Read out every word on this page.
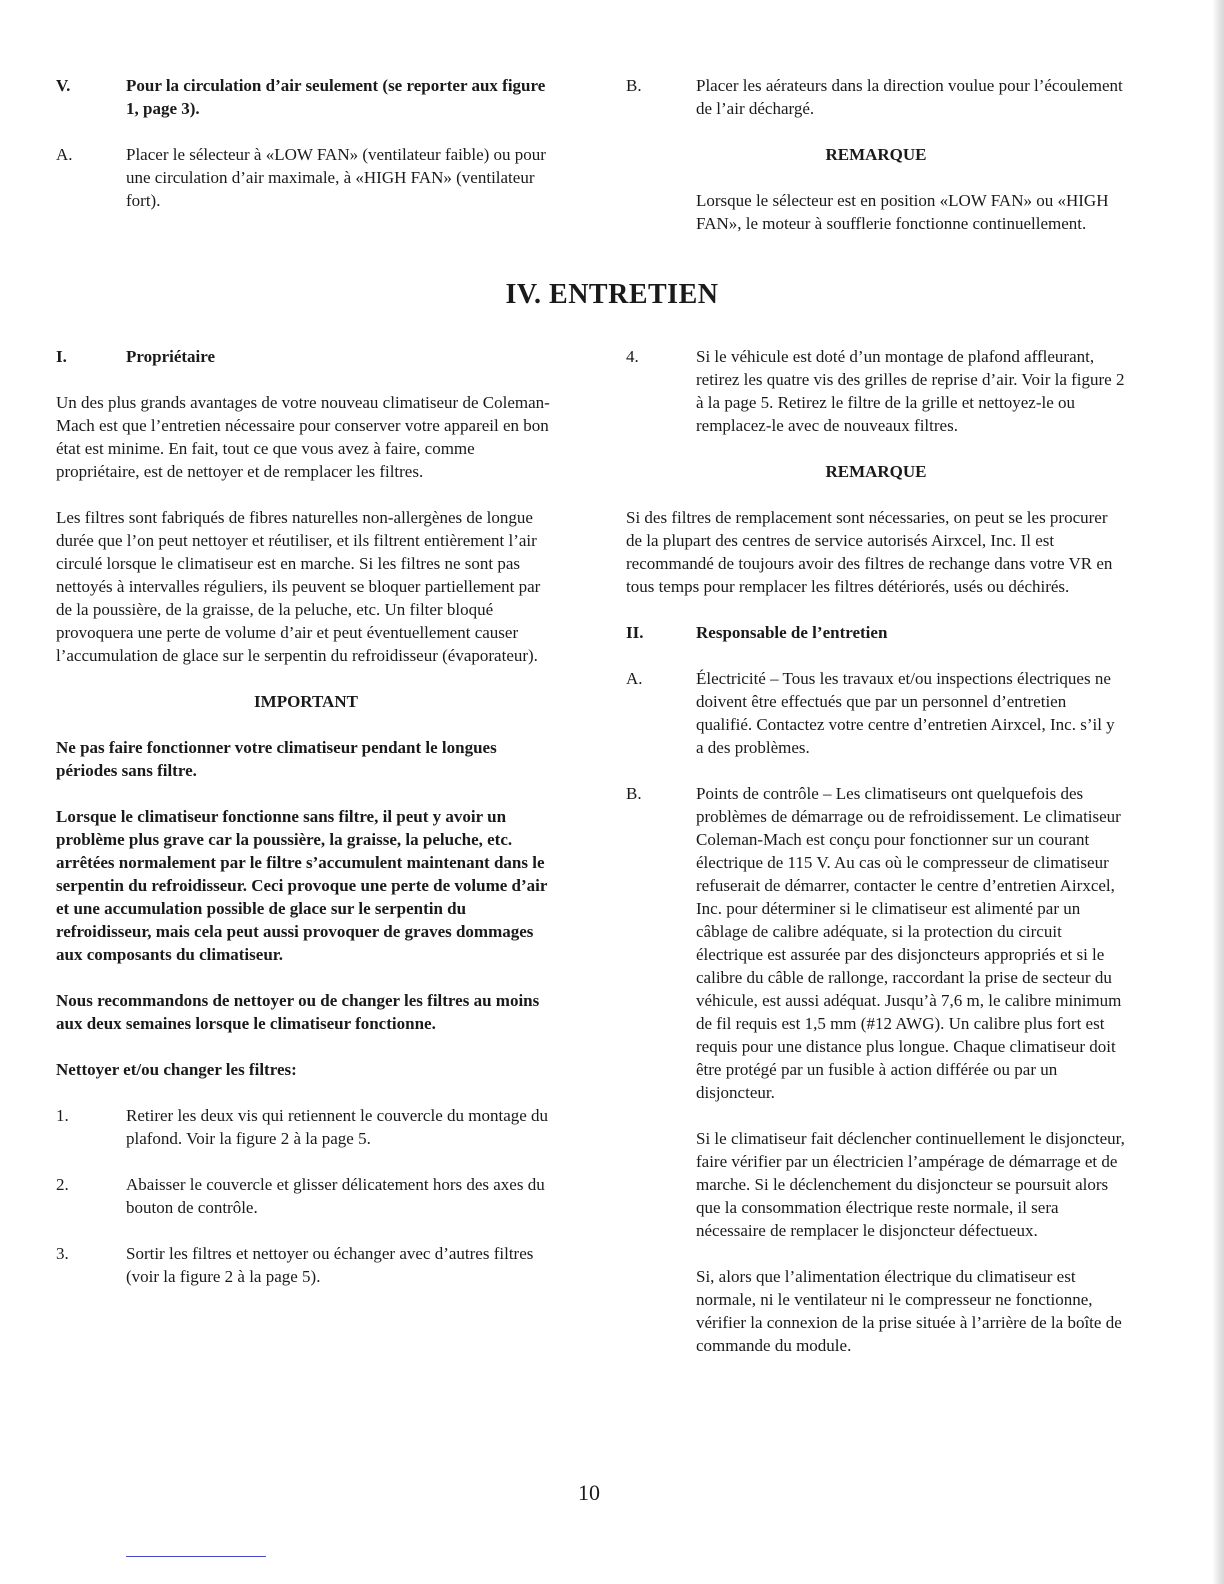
V.	Pour la circulation d’air seulement (se reporter aux figure 1, page 3).
A.	Placer le sélecteur à «LOW FAN» (ventilateur faible) ou pour une circulation d’air maximale, à «HIGH FAN» (ventilateur fort).
B.	Placer les aérateurs dans la direction voulue pour l’écoulement de l’air déchargé.

REMARQUE

Lorsque le sélecteur est en position «LOW FAN» ou «HIGH FAN», le moteur à soufflerie fonctionne continuellement.

IV. ENTRETIEN
I.	Propriétaire

Un des plus grands avantages de votre nouveau climatiseur de Coleman-Mach est que l’entretien nécessaire pour conserver votre appareil en bon état est minime. En fait, tout ce que vous avez à faire, comme propriétaire, est de nettoyer et de remplacer les filtres.

Les filtres sont fabriqués de fibres naturelles non-allergènes de longue durée que l’on peut nettoyer et réutiliser, et ils filtrent entièrement l’air circulé lorsque le climatiseur est en marche. Si les filtres ne sont pas nettoyés à intervalles réguliers, ils peuvent se bloquer partiellement par de la poussière, de la graisse, de la peluche, etc. Un filter bloqué provoquera une perte de volume d’air et peut éventuellement causer l’accumulation de glace sur le serpentin du refroidisseur (évaporateur).

IMPORTANT

Ne pas faire fonctionner votre climatiseur pendant le longues périodes sans filtre.

Lorsque le climatiseur fonctionne sans filtre, il peut y avoir un problème plus grave car la poussière, la graisse, la peluche, etc. arrêtées normalement par le filtre s’accumulent maintenant dans le serpentin du refroidisseur. Ceci provoque une perte de volume d’air et une accumulation possible de glace sur le serpentin du refroidisseur, mais cela peut aussi provoquer de graves dommages aux composants du climatiseur.

Nous recommandons de nettoyer ou de changer les filtres au moins aux deux semaines lorsque le climatiseur fonctionne.

Nettoyer et/ou changer les filtres:

1.	Retirer les deux vis qui retiennent le couvercle du montage du plafond. Voir la figure 2 à la page 5.
2.	Abaisser le couvercle et glisser délicatement hors des axes du bouton de contrôle.
3.	Sortir les filtres et nettoyer ou échanger avec d’autres filtres (voir la figure 2 à la page 5).
4.	Si le véhicule est doté d’un montage de plafond affleurant, retirez les quatre vis des grilles de reprise d’air. Voir la figure 2 à la page 5. Retirez le filtre de la grille et nettoyez-le ou remplacez-le avec de nouveaux filtres.

REMARQUE

Si des filtres de remplacement sont nécessaries, on peut se les procurer de la plupart des centres de service autorisés Airxcel, Inc. Il est recommandé de toujours avoir des filtres de rechange dans votre VR en tous temps pour remplacer les filtres détériorés, usés ou déchirés.

II.	Responsable de l’entretien
A.	Électricité – Tous les travaux et/ou inspections électriques ne doivent être effectués que par un personnel d’entretien qualifié. Contactez votre centre d’entretien Airxcel, Inc. s’il y a des problèmes.
B.	Points de contrôle – Les climatiseurs ont quelquefois des problèmes de démarrage ou de refroidissement. Le climatiseur Coleman-Mach est conçu pour fonctionner sur un courant électrique de 115 V. Au cas où le compresseur de climatiseur refuserait de démarrer, contacter le centre d’entretien Airxcel, Inc. pour déterminer si le climatiseur est alimenté par un câblage de calibre adéquate, si la protection du circuit électrique est assurée par des disjoncteurs appropriés et si le calibre du câble de rallonge, raccordant la prise de secteur du véhicule, est aussi adéquat. Jusqu’à 7,6 m, le calibre minimum de fil requis est 1,5 mm (#12 AWG). Un calibre plus fort est requis pour une distance plus longue. Chaque climatiseur doit être protégé par un fusible à action différée ou par un disjoncteur.

Si le climatiseur fait déclencher continuellement le disjoncteur, faire vérifier par un électricien l’ampérage de démarrage et de marche. Si le déclenchement du disjoncteur se poursuit alors que la consommation électrique reste normale, il sera nécessaire de remplacer le disjoncteur défectueux.

Si, alors que l’alimentation électrique du climatiseur est normale, ni le ventilateur ni le compresseur ne fonctionne, vérifier la connexion de la prise située à l’arrière de la boîte de commande du module.

10
